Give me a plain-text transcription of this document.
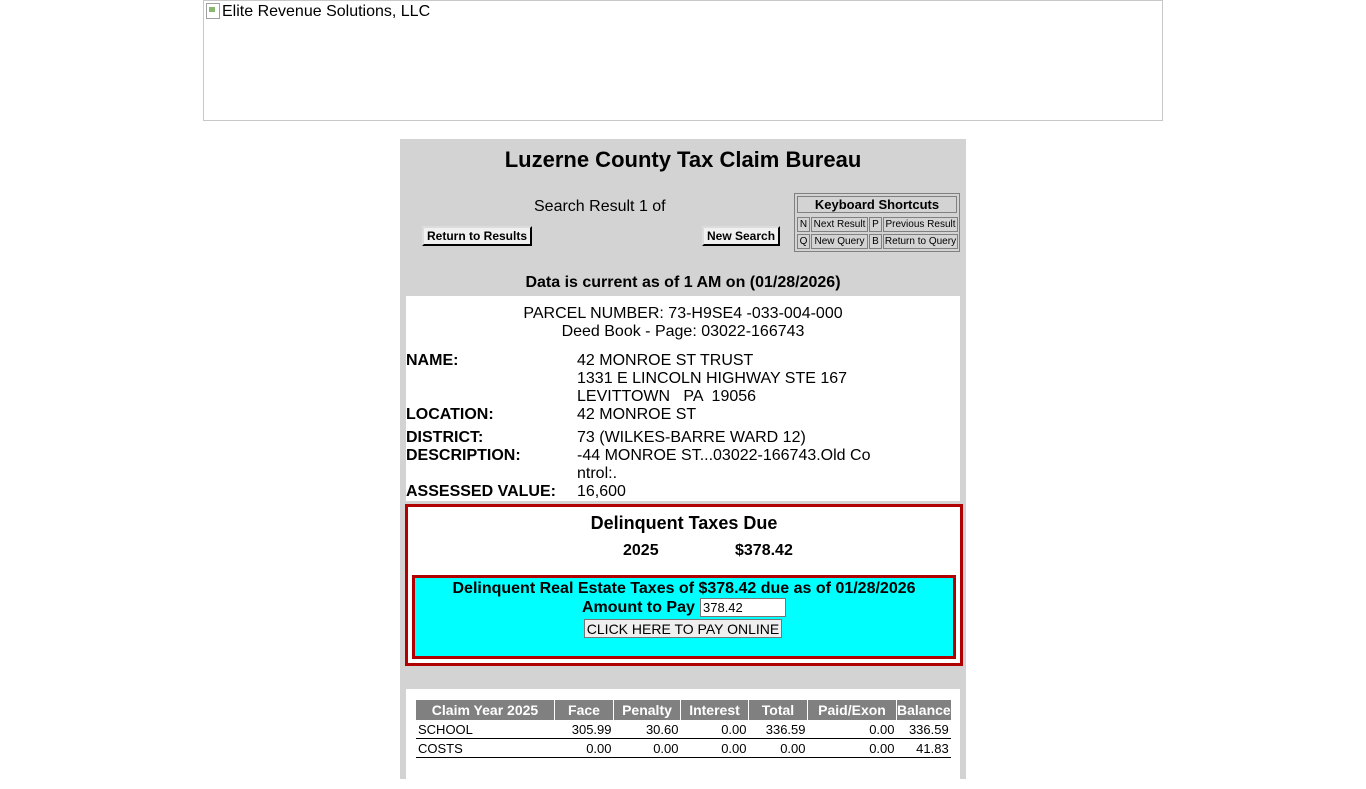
Elite Revenue Solutions, LLC
Luzerne County Tax Claim Bureau
Search Result 1 of
Return to Results	New Search
Keyboard Shortcuts
N Next Result P Previous Result
Q New Query B Return to Query
Data is current as of 1 AM on (01/28/2026)
PARCEL NUMBER: 73-H9SE4 -033-004-000
Deed Book - Page: 03022-166743
NAME:	42 MONROE ST TRUST
1331 E LINCOLN HIGHWAY STE 167
LEVITTOWN   PA  19056
LOCATION:	42 MONROE ST
DISTRICT:	73 (WILKES-BARRE WARD 12)
DESCRIPTION:	-44 MONROE ST...03022-166743.Old Co
ntrol:.
ASSESSED VALUE: 16,600
Delinquent Taxes Due
2025	$378.42
Delinquent Real Estate Taxes of $378.42 due as of 01/28/2026
Amount to Pay
378.42
CLICK HERE TO PAY ONLINE
Claim Year 2025	Face	Penalty	Interest	Total	Paid/Exon	Balance
SCHOOL	305.99	30.60	0.00	336.59	0.00	336.59
COSTS	0.00	0.00	0.00	0.00	0.00	41.83
